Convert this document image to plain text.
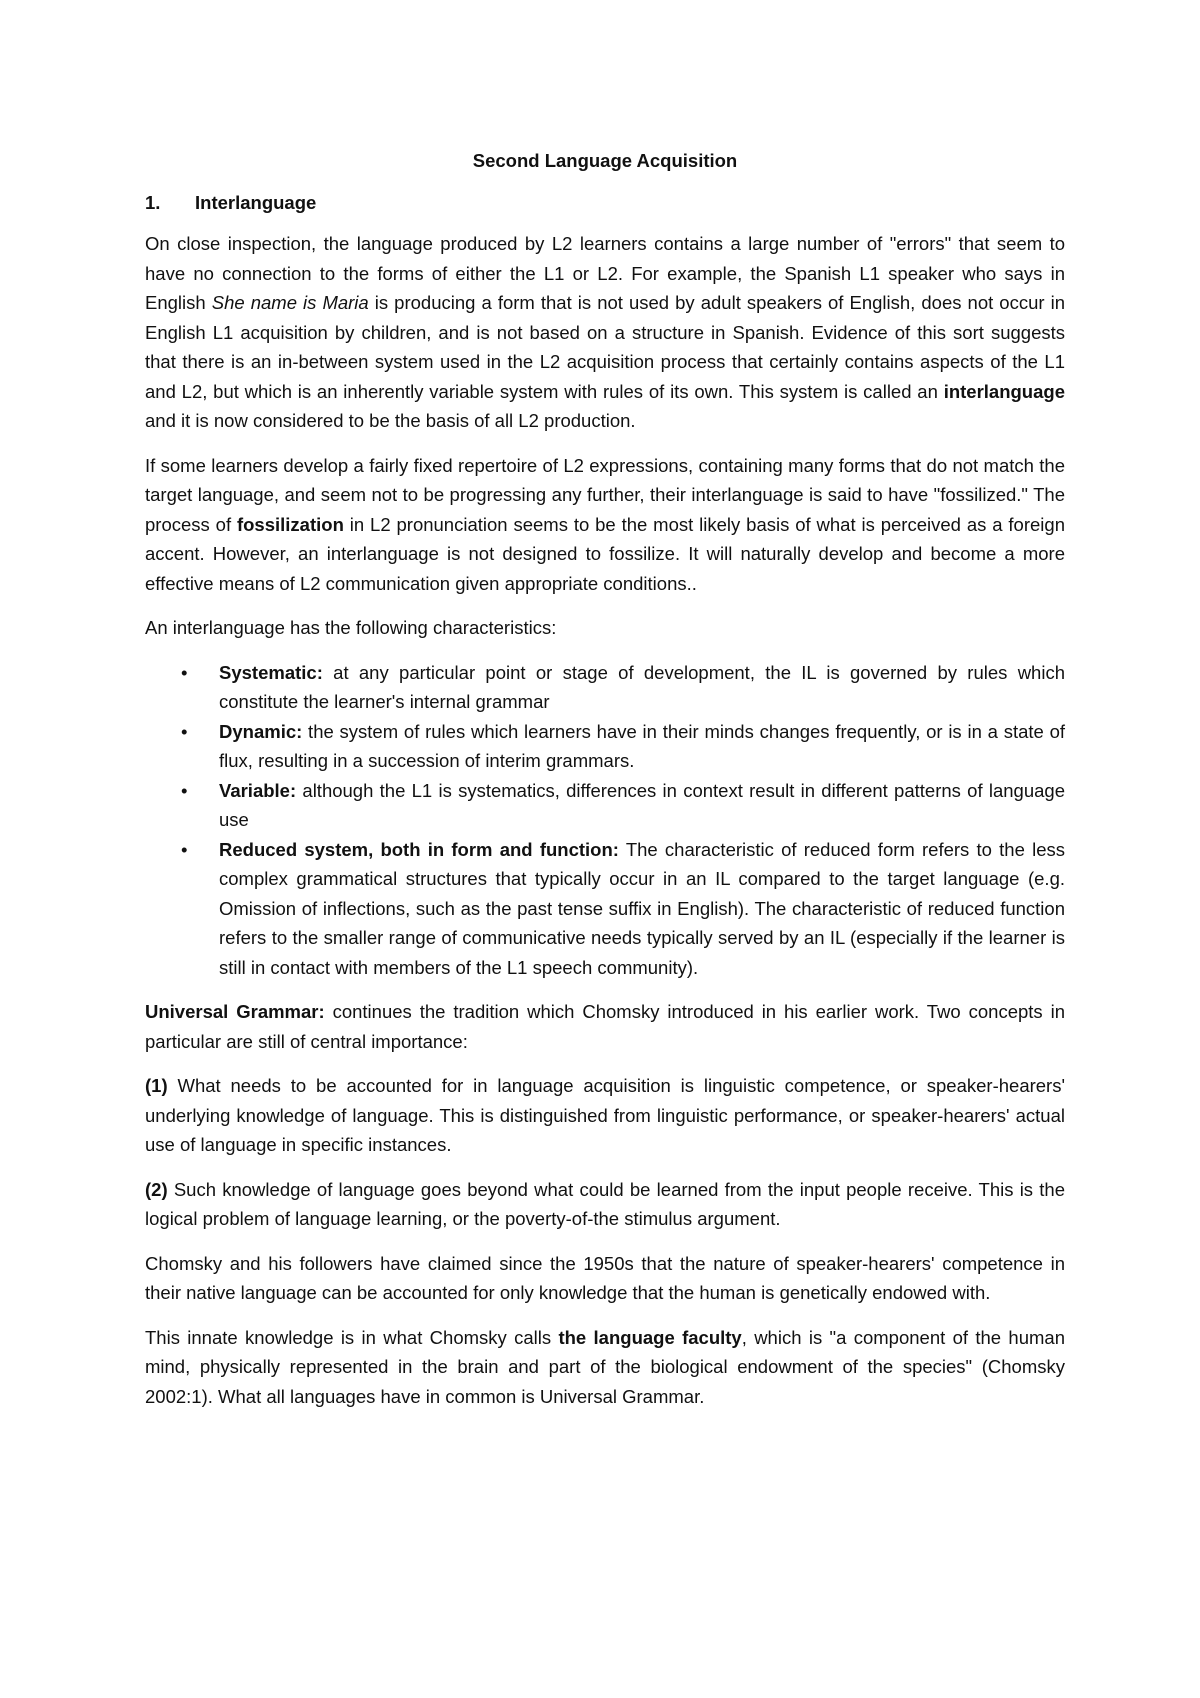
Second Language Acquisition
1. Interlanguage

On close inspection, the language produced by L2 learners contains a large number of "errors" that seem to have no connection to the forms of either the L1 or L2. For example, the Spanish L1 speaker who says in English She name is Maria is producing a form that is not used by adult speakers of English, does not occur in English L1 acquisition by children, and is not based on a structure in Spanish. Evidence of this sort suggests that there is an in-between system used in the L2 acquisition process that certainly contains aspects of the L1 and L2, but which is an inherently variable system with rules of its own. This system is called an interlanguage and it is now considered to be the basis of all L2 production.

If some learners develop a fairly fixed repertoire of L2 expressions, containing many forms that do not match the target language, and seem not to be progressing any further, their interlanguage is said to have "fossilized." The process of fossilization in L2 pronunciation seems to be the most likely basis of what is perceived as a foreign accent. However, an interlanguage is not designed to fossilize. It will naturally develop and become a more effective means of L2 communication given appropriate conditions..

An interlanguage has the following characteristics:

• Systematic: at any particular point or stage of development, the IL is governed by rules which constitute the learner's internal grammar
• Dynamic: the system of rules which learners have in their minds changes frequently, or is in a state of flux, resulting in a succession of interim grammars.
• Variable: although the L1 is systematics, differences in context result in different patterns of language use
• Reduced system, both in form and function: The characteristic of reduced form refers to the less complex grammatical structures that typically occur in an IL compared to the target language (e.g. Omission of inflections, such as the past tense suffix in English). The characteristic of reduced function refers to the smaller range of communicative needs typically served by an IL (especially if the learner is still in contact with members of the L1 speech community).

Universal Grammar: continues the tradition which Chomsky introduced in his earlier work. Two concepts in particular are still of central importance:

(1) What needs to be accounted for in language acquisition is linguistic competence, or speaker-hearers' underlying knowledge of language. This is distinguished from linguistic performance, or speaker-hearers' actual use of language in specific instances.

(2) Such knowledge of language goes beyond what could be learned from the input people receive. This is the logical problem of language learning, or the poverty-of-the stimulus argument.

Chomsky and his followers have claimed since the 1950s that the nature of speaker-hearers' competence in their native language can be accounted for only knowledge that the human is genetically endowed with.

This innate knowledge is in what Chomsky calls the language faculty, which is "a component of the human mind, physically represented in the brain and part of the biological endowment of the species" (Chomsky 2002:1). What all languages have in common is Universal Grammar.
